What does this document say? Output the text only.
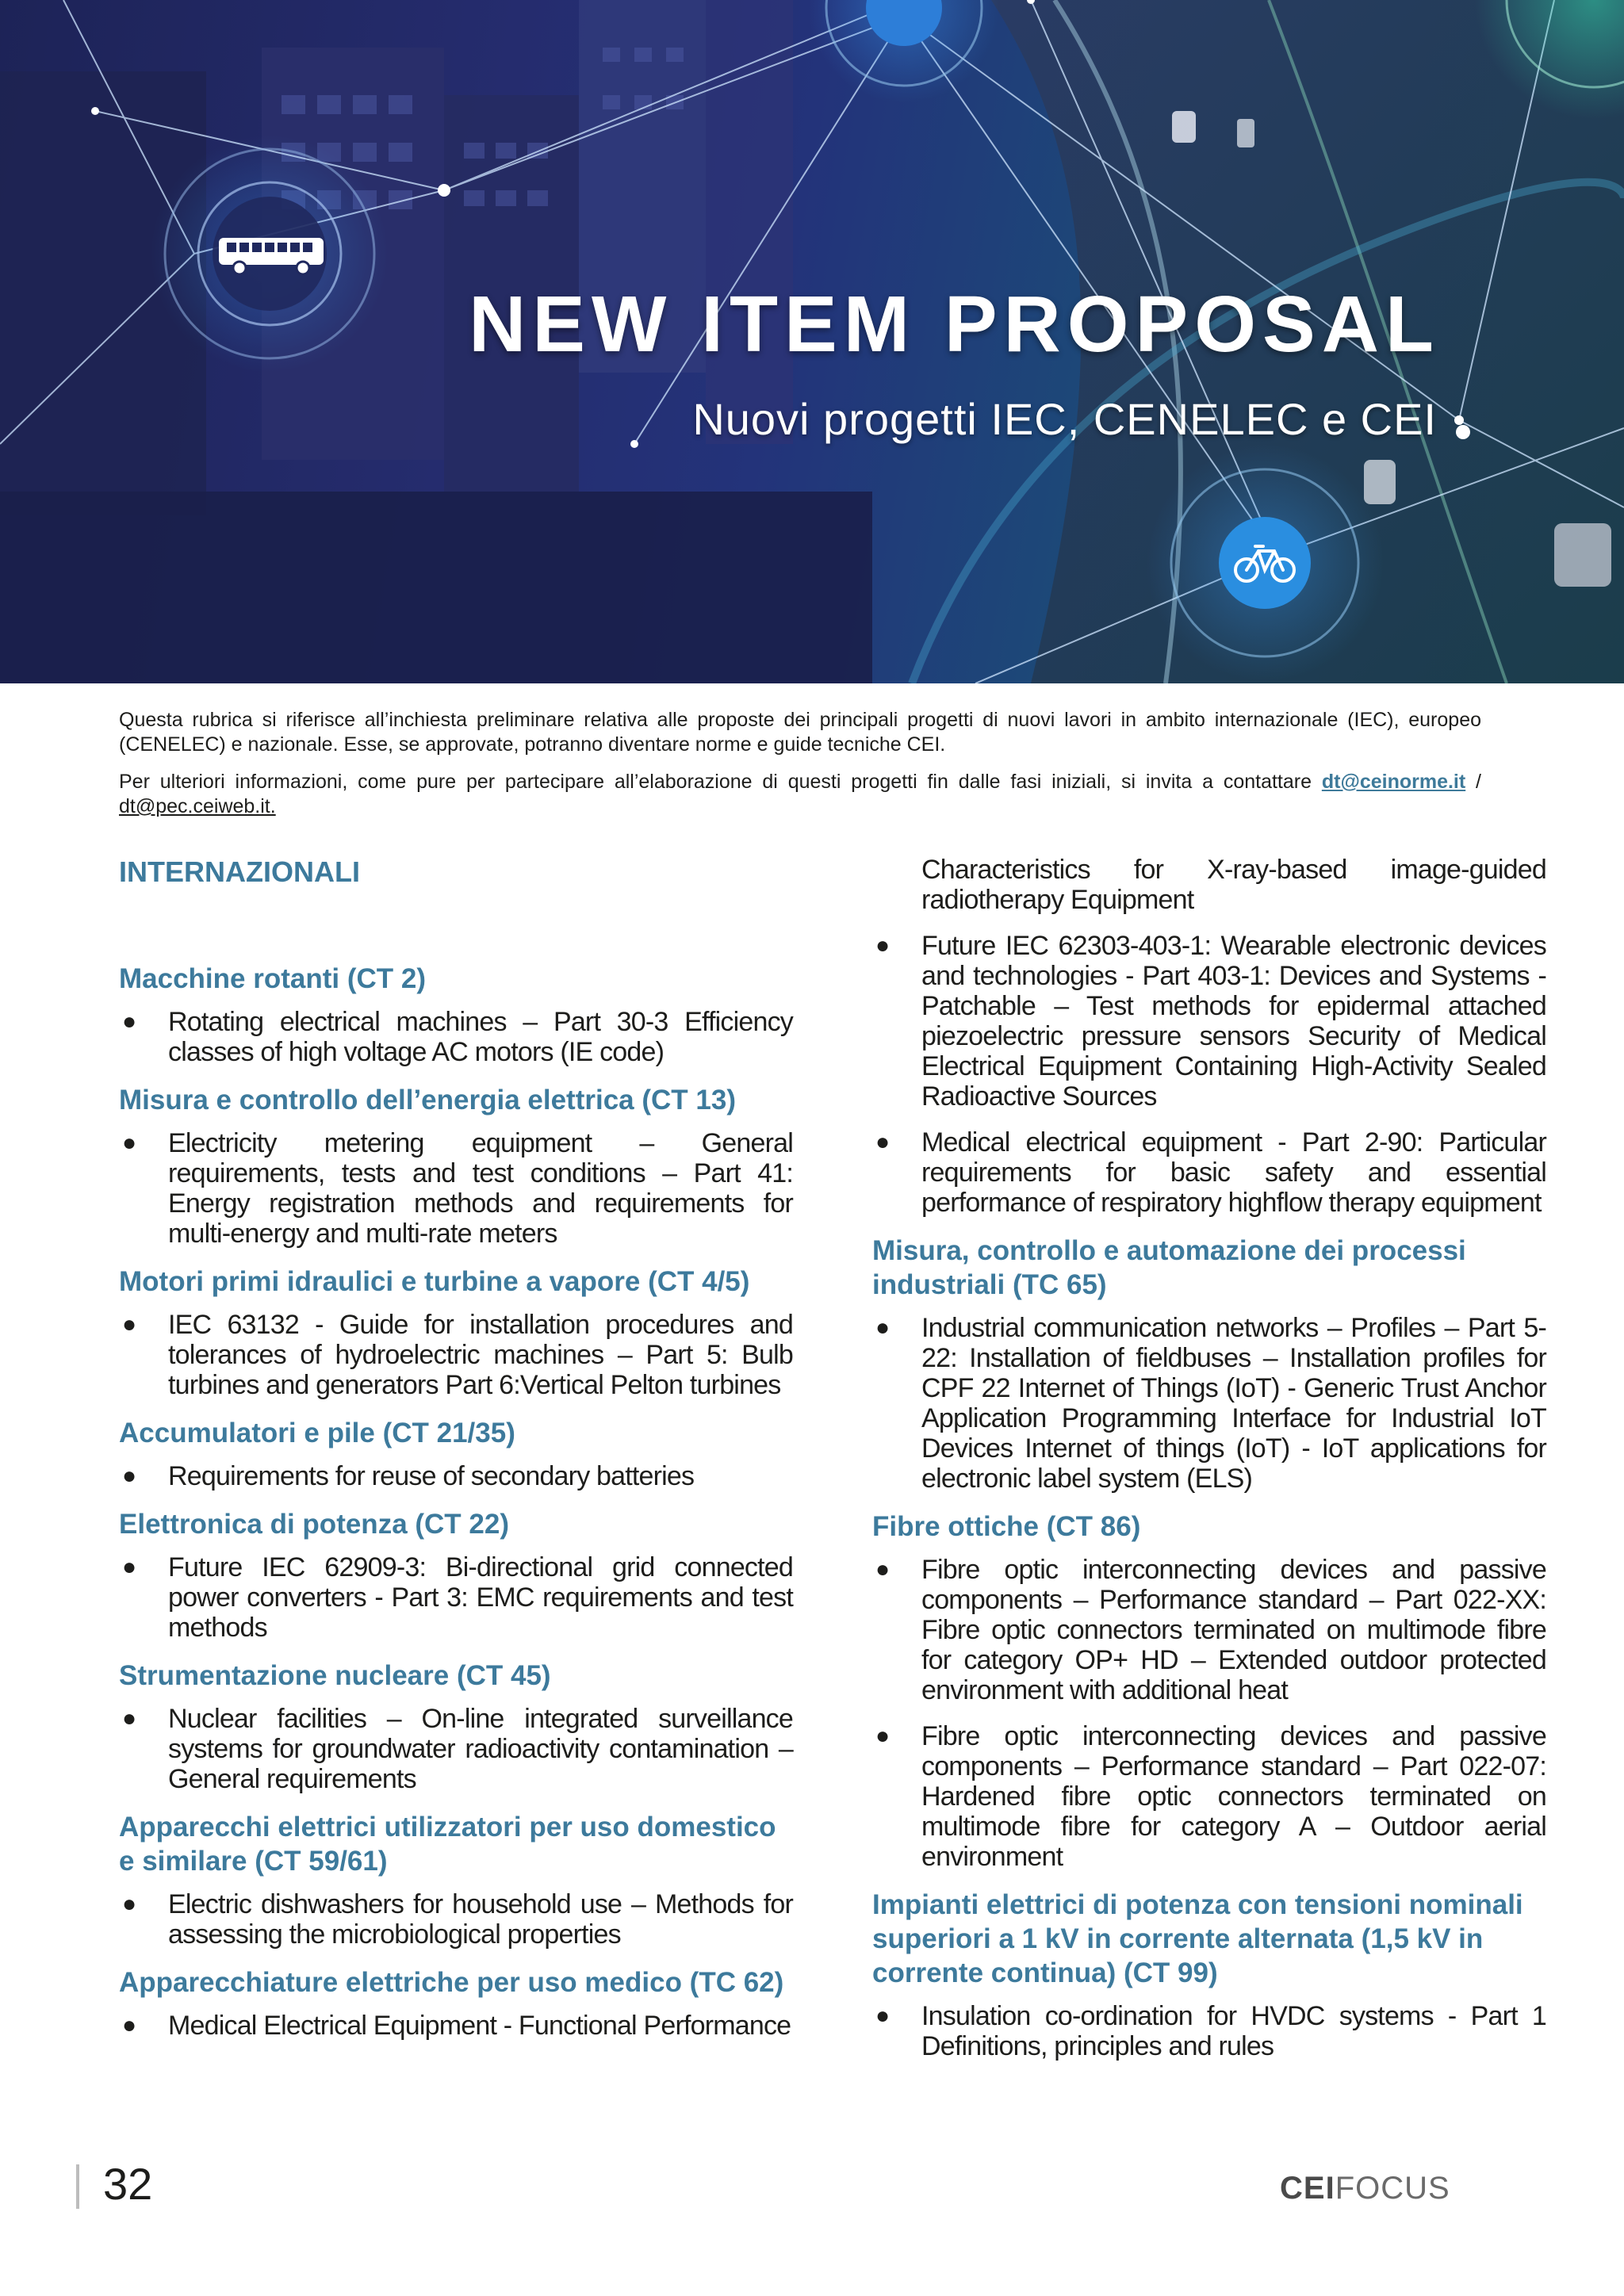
NEW ITEM PROPOSAL
Nuovi progetti IEC, CENELEC e CEI

Questa rubrica si riferisce all’inchiesta preliminare relativa alle proposte dei principali progetti di nuovi lavori in ambito internazionale (IEC), europeo (CENELEC) e nazionale. Esse, se approvate, potranno diventare norme e guide tecniche CEI.

Per ulteriori informazioni, come pure per partecipare all’elaborazione di questi progetti fin dalle fasi iniziali, si invita a contattare dt@ceinorme.it / dt@pec.ceiweb.it.

INTERNAZIONALI
Macchine rotanti (CT 2)
● Rotating electrical machines – Part 30-3 Efficiency classes of high voltage AC motors (IE code)
Misura e controllo dell’energia elettrica (CT 13)
● Electricity metering equipment – General requirements, tests and test conditions – Part 41: Energy registration methods and requirements for multi-energy and multi-rate meters
Motori primi idraulici e turbine a vapore (CT 4/5)
● IEC 63132 - Guide for installation procedures and tolerances of hydroelectric machines – Part 5: Bulb turbines and generators Part 6:Vertical Pelton turbines
Accumulatori e pile (CT 21/35)
● Requirements for reuse of secondary batteries
Elettronica di potenza (CT 22)
● Future IEC 62909-3: Bi-directional grid connected power converters - Part 3: EMC requirements and test methods
Strumentazione nucleare (CT 45)
● Nuclear facilities – On-line integrated surveillance systems for groundwater radioactivity contamination – General requirements
Apparecchi elettrici utilizzatori per uso domestico e similare (CT 59/61)
● Electric dishwashers for household use – Methods for assessing the microbiological properties
Apparecchiature elettriche per uso medico (TC 62)
● Medical Electrical Equipment - Functional Performance
Characteristics for X-ray-based image-guided radiotherapy Equipment
● Future IEC 62303-403-1: Wearable electronic devices and technologies - Part 403-1: Devices and Systems - Patchable – Test methods for epidermal attached piezoelectric pressure sensors Security of Medical Electrical Equipment Containing High-Activity Sealed Radioactive Sources
● Medical electrical equipment - Part 2-90: Particular requirements for basic safety and essential performance of respiratory highflow therapy equipment
Misura, controllo e automazione dei processi industriali (TC 65)
● Industrial communication networks – Profiles – Part 5-22: Installation of fieldbuses – Installation profiles for CPF 22 Internet of Things (IoT) - Generic Trust Anchor Application Programming Interface for Industrial IoT Devices Internet of things (IoT) - IoT applications for electronic label system (ELS)
Fibre ottiche (CT 86)
● Fibre optic interconnecting devices and passive components – Performance standard – Part 022-XX: Fibre optic connectors terminated on multimode fibre for category OP+ HD – Extended outdoor protected environment with additional heat
● Fibre optic interconnecting devices and passive components – Performance standard – Part 022-07: Hardened fibre optic connectors terminated on multimode fibre for category A – Outdoor aerial environment
Impianti elettrici di potenza con tensioni nominali superiori a 1 kV in corrente alternata (1,5 kV in corrente continua) (CT 99)
● Insulation co-ordination for HVDC systems - Part 1 Definitions, principles and rules
32	CEIFOCUS
